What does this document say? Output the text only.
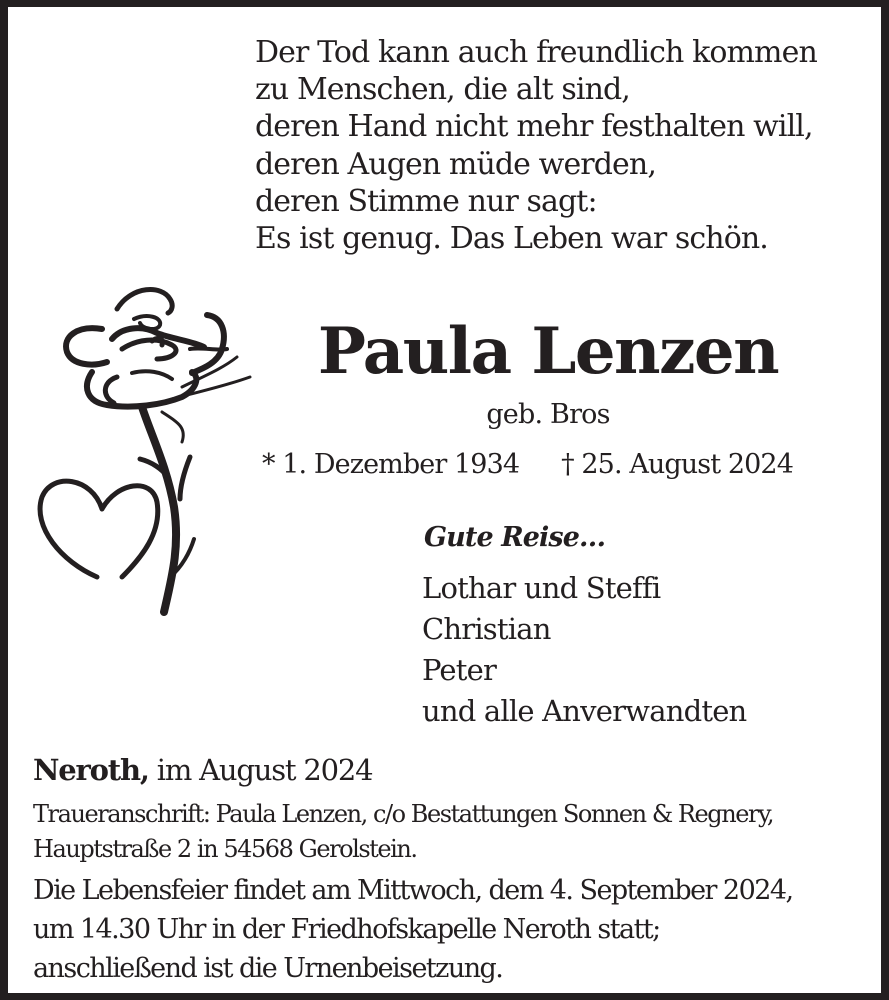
Der Tod kann auch freundlich kommen
zu Menschen, die alt sind,
deren Hand nicht mehr festhalten will,
deren Augen müde werden,
deren Stimme nur sagt:
Es ist genug. Das Leben war schön.
Paula Lenzen
geb. Bros
* 1. Dezember 1934 † 25. August 2024
Gute Reise…
Lothar und Steffi
Christian
Peter
und alle Anverwandten
Neroth, im August 2024
Traueranschrift: Paula Lenzen, c/o Bestattungen Sonnen & Regnery,
Hauptstraße 2 in 54568 Gerolstein.
Die Lebensfeier findet am Mittwoch, dem 4. September 2024,
um 14.30 Uhr in der Friedhofskapelle Neroth statt;
anschließend ist die Urnenbeisetzung.
